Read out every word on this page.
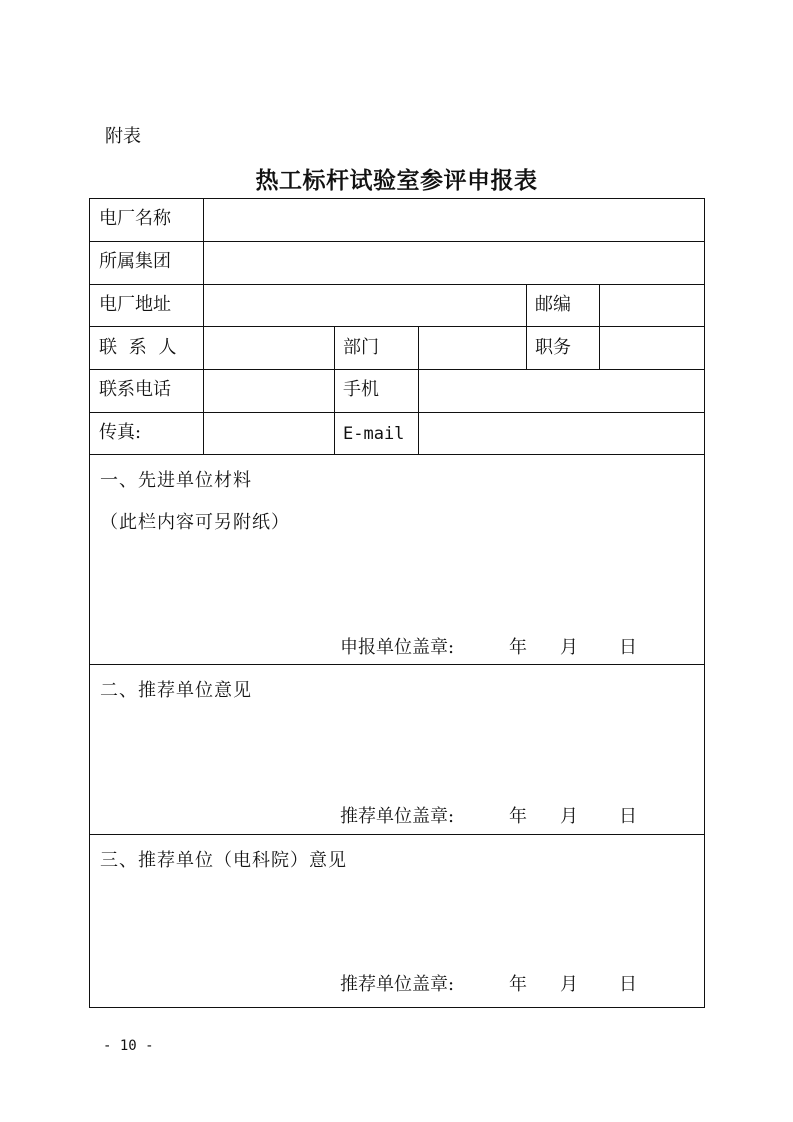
附表
热工标杆试验室参评申报表
电厂名称
所属集团
电厂地址	邮编
联 系 人	部门	职务
联系电话	手机
传真:	E-mail
一、先进单位材料
（此栏内容可另附纸）
申报单位盖章:	年 月 日
二、推荐单位意见
推荐单位盖章:	年 月 日
三、推荐单位（电科院）意见
推荐单位盖章:	年 月 日
- 10 -
